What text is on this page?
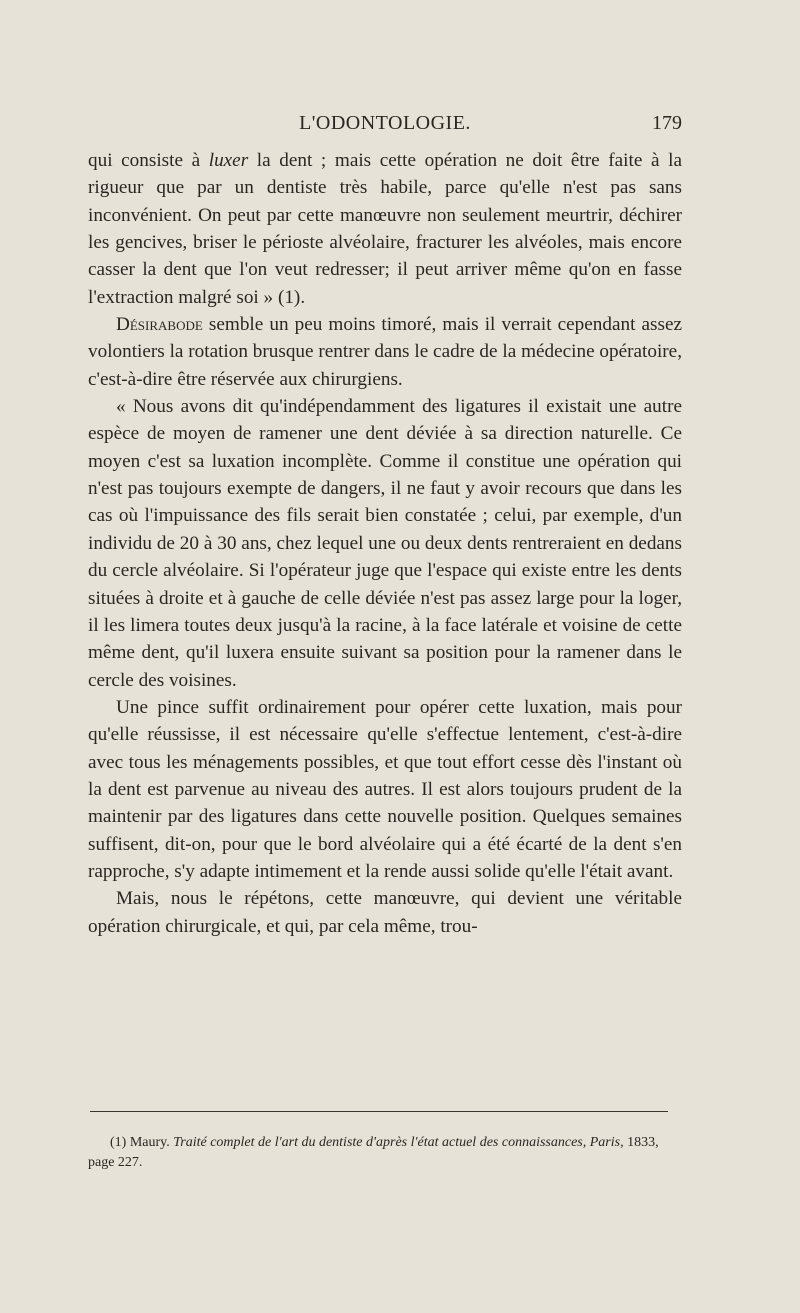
L'ODONTOLOGIE.	179

qui consiste à luxer la dent ; mais cette opération ne doit être faite à la rigueur que par un dentiste très habile, parce qu'elle n'est pas sans inconvénient. On peut par cette manœuvre non seulement meurtrir, déchirer les gencives, briser le périoste alvéolaire, fracturer les alvéoles, mais encore casser la dent que l'on veut redresser; il peut arriver même qu'on en fasse l'extraction malgré soi » (1).

Désirabode semble un peu moins timoré, mais il verrait cependant assez volontiers la rotation brusque rentrer dans le cadre de la médecine opératoire, c'est-à-dire être réservée aux chirurgiens.

« Nous avons dit qu'indépendamment des ligatures il existait une autre espèce de moyen de ramener une dent déviée à sa direction naturelle. Ce moyen c'est sa luxation incomplète. Comme il constitue une opération qui n'est pas toujours exempte de dangers, il ne faut y avoir recours que dans les cas où l'impuissance des fils serait bien constatée ; celui, par exemple, d'un individu de 20 à 30 ans, chez lequel une ou deux dents rentreraient en dedans du cercle alvéolaire. Si l'opérateur juge que l'espace qui existe entre les dents situées à droite et à gauche de celle déviée n'est pas assez large pour la loger, il les limera toutes deux jusqu'à la racine, à la face latérale et voisine de cette même dent, qu'il luxera ensuite suivant sa position pour la ramener dans le cercle des voisines.

Une pince suffit ordinairement pour opérer cette luxation, mais pour qu'elle réussisse, il est nécessaire qu'elle s'effectue lentement, c'est-à-dire avec tous les ménagements possibles, et que tout effort cesse dès l'instant où la dent est parvenue au niveau des autres. Il est alors toujours prudent de la maintenir par des ligatures dans cette nouvelle position. Quelques semaines suffisent, dit-on, pour que le bord alvéolaire qui a été écarté de la dent s'en rapproche, s'y adapte intimement et la rende aussi solide qu'elle l'était avant.

Mais, nous le répétons, cette manœuvre, qui devient une véritable opération chirurgicale, et qui, par cela même, trou-

(1) Maury. Traité complet de l'art du dentiste d'après l'état actuel des connaissances, Paris, 1833, page 227.
